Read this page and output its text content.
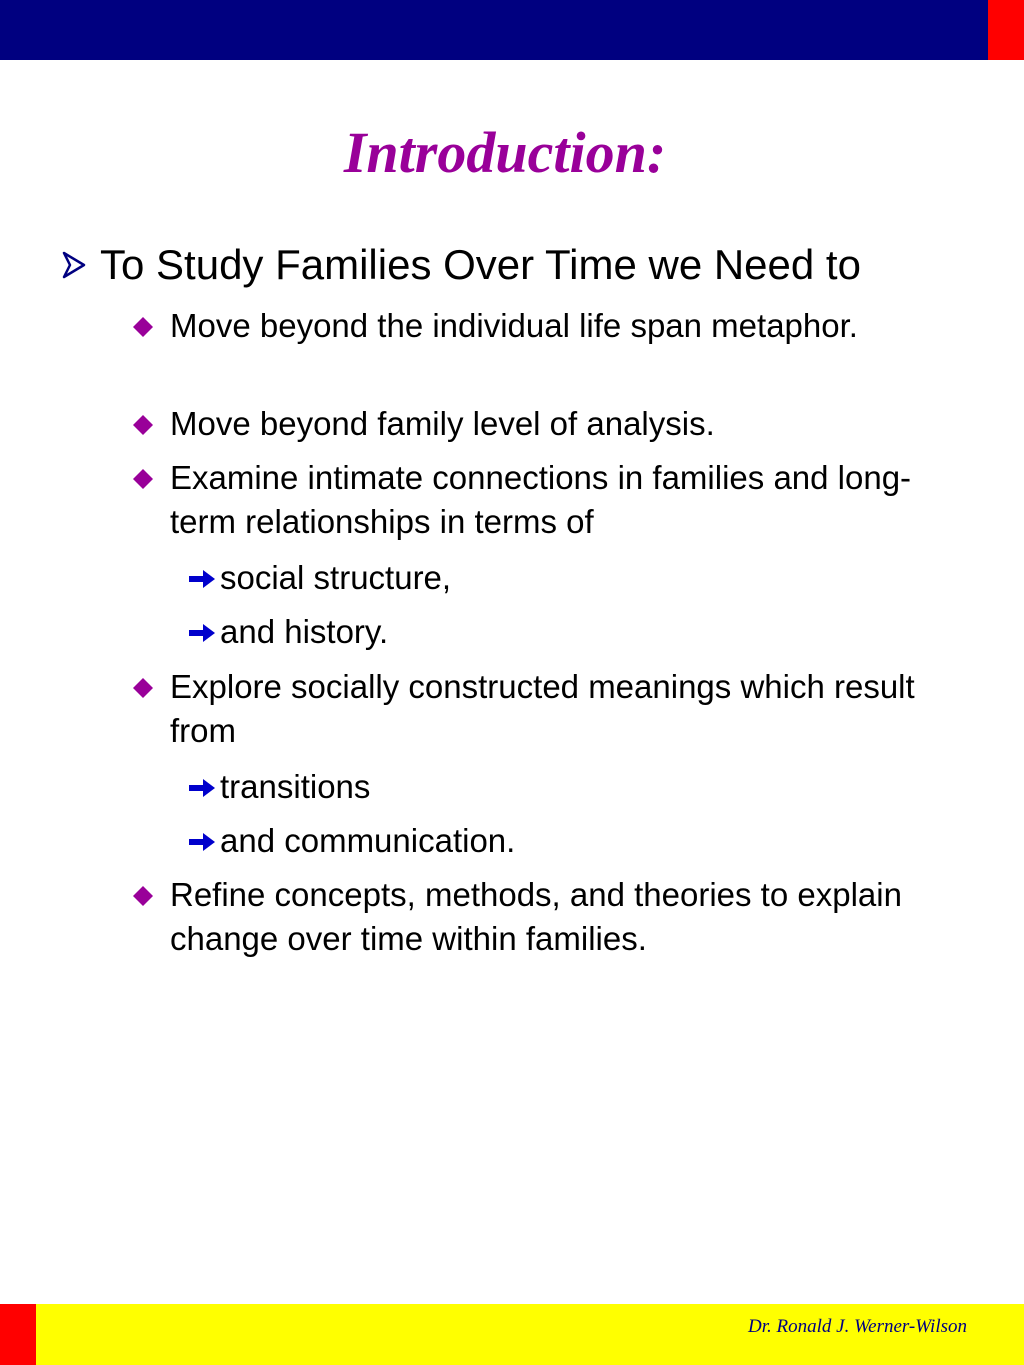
Introduction:
To Study Families Over Time we Need to
Move beyond the individual life span metaphor.
Move beyond family level of analysis.
Examine intimate connections in families and long-term relationships in terms of
social structure,
and history.
Explore socially constructed meanings which result from
transitions
and communication.
Refine concepts, methods, and theories to explain change over time within families.
Dr. Ronald J. Werner-Wilson
